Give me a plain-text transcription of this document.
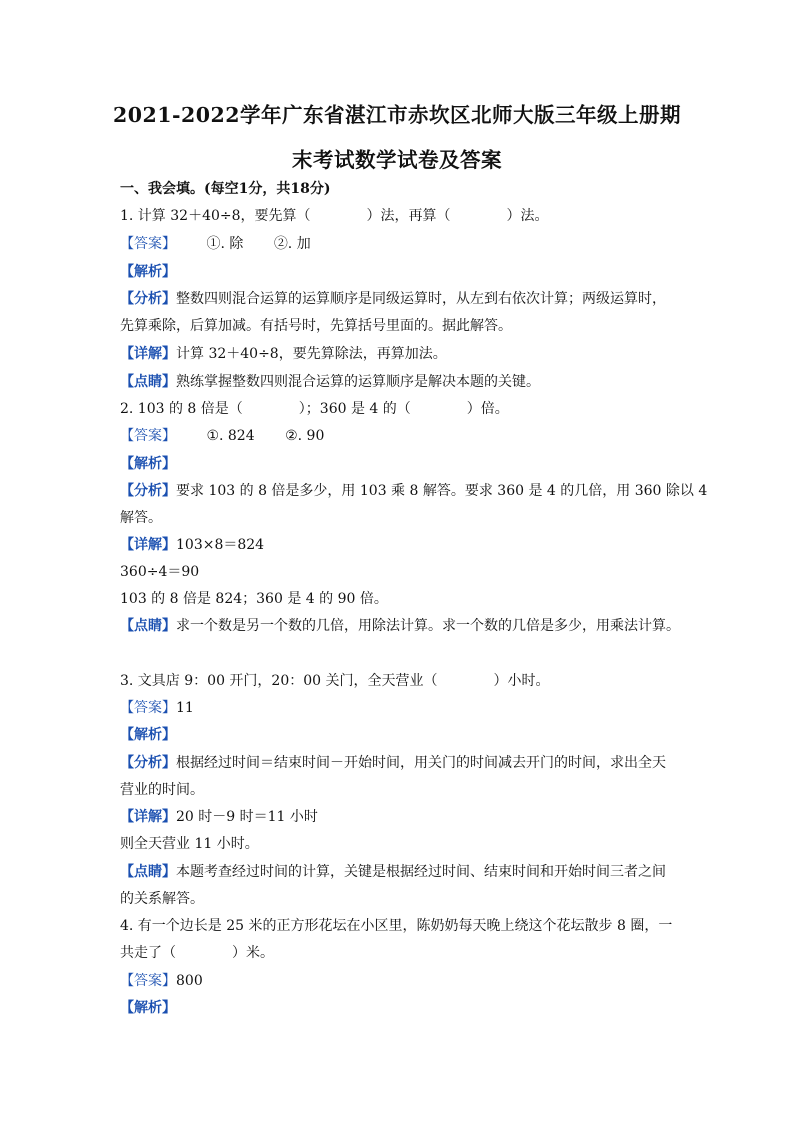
2021-2022学年广东省湛江市赤坎区北师大版三年级上册期
末考试数学试卷及答案
一、我会填。(每空1分，共18分)
1. 计算 32＋40÷8，要先算（　　　　）法，再算（　　　　）法。
【答案】 ①. 除 ②. 加
【解析】
【分析】整数四则混合运算的运算顺序是同级运算时，从左到右依次计算；两级运算时，
先算乘除，后算加减。有括号时，先算括号里面的。据此解答。
【详解】计算 32＋40÷8，要先算除法，再算加法。
【点睛】熟练掌握整数四则混合运算的运算顺序是解决本题的关键。
2. 103 的 8 倍是（　　　　）；360 是 4 的（　　　　）倍。
【答案】 ①. 824 ②. 90
【解析】
【分析】要求 103 的 8 倍是多少，用 103 乘 8 解答。要求 360 是 4 的几倍，用 360 除以 4
解答。
【详解】103×8＝824
360÷4＝90
103 的 8 倍是 824；360 是 4 的 90 倍。
【点睛】求一个数是另一个数的几倍，用除法计算。求一个数的几倍是多少，用乘法计算。
3. 文具店 9：00 开门，20：00 关门，全天营业（　　　　）小时。
【答案】11
【解析】
【分析】根据经过时间＝结束时间－开始时间，用关门的时间减去开门的时间，求出全天
营业的时间。
【详解】20 时－9 时＝11 小时
则全天营业 11 小时。
【点睛】本题考查经过时间的计算，关键是根据经过时间、结束时间和开始时间三者之间
的关系解答。
4. 有一个边长是 25 米的正方形花坛在小区里，陈奶奶每天晚上绕这个花坛散步 8 圈，一
共走了（　　　　）米。
【答案】800
【解析】
